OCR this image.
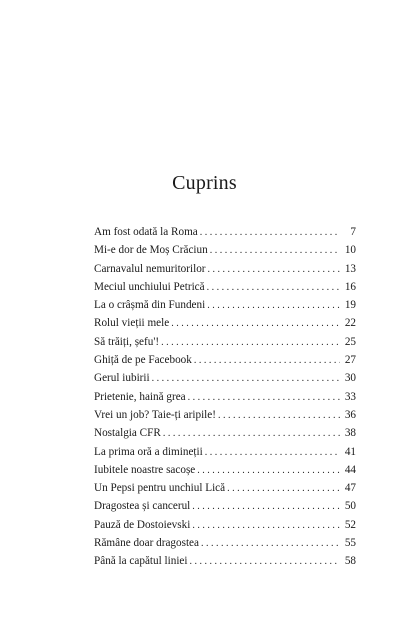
Cuprins
Am fost odată la Roma . . .	7
Mi-e dor de Moș Crăciun . . .	10
Carnavalul nemuritorilor . . .	13
Meciul unchiului Petrică . . .	16
La o crâșmă din Fundeni . . .	19
Rolul vieții mele . . .	22
Să trăiți, șefu'! . . .	25
Ghiță de pe Facebook . . .	27
Gerul iubirii . . .	30
Prietenie, haină grea . . .	33
Vrei un job? Taie-ți aripile! . . .	36
Nostalgia CFR . . .	38
La prima oră a dimineții . . .	41
Iubitele noastre sacoșe . . .	44
Un Pepsi pentru unchiul Lică . . .	47
Dragostea și cancerul . . .	50
Pauză de Dostoievski . . .	52
Rămâne doar dragostea . . .	55
Până la capătul liniei . . .	58
